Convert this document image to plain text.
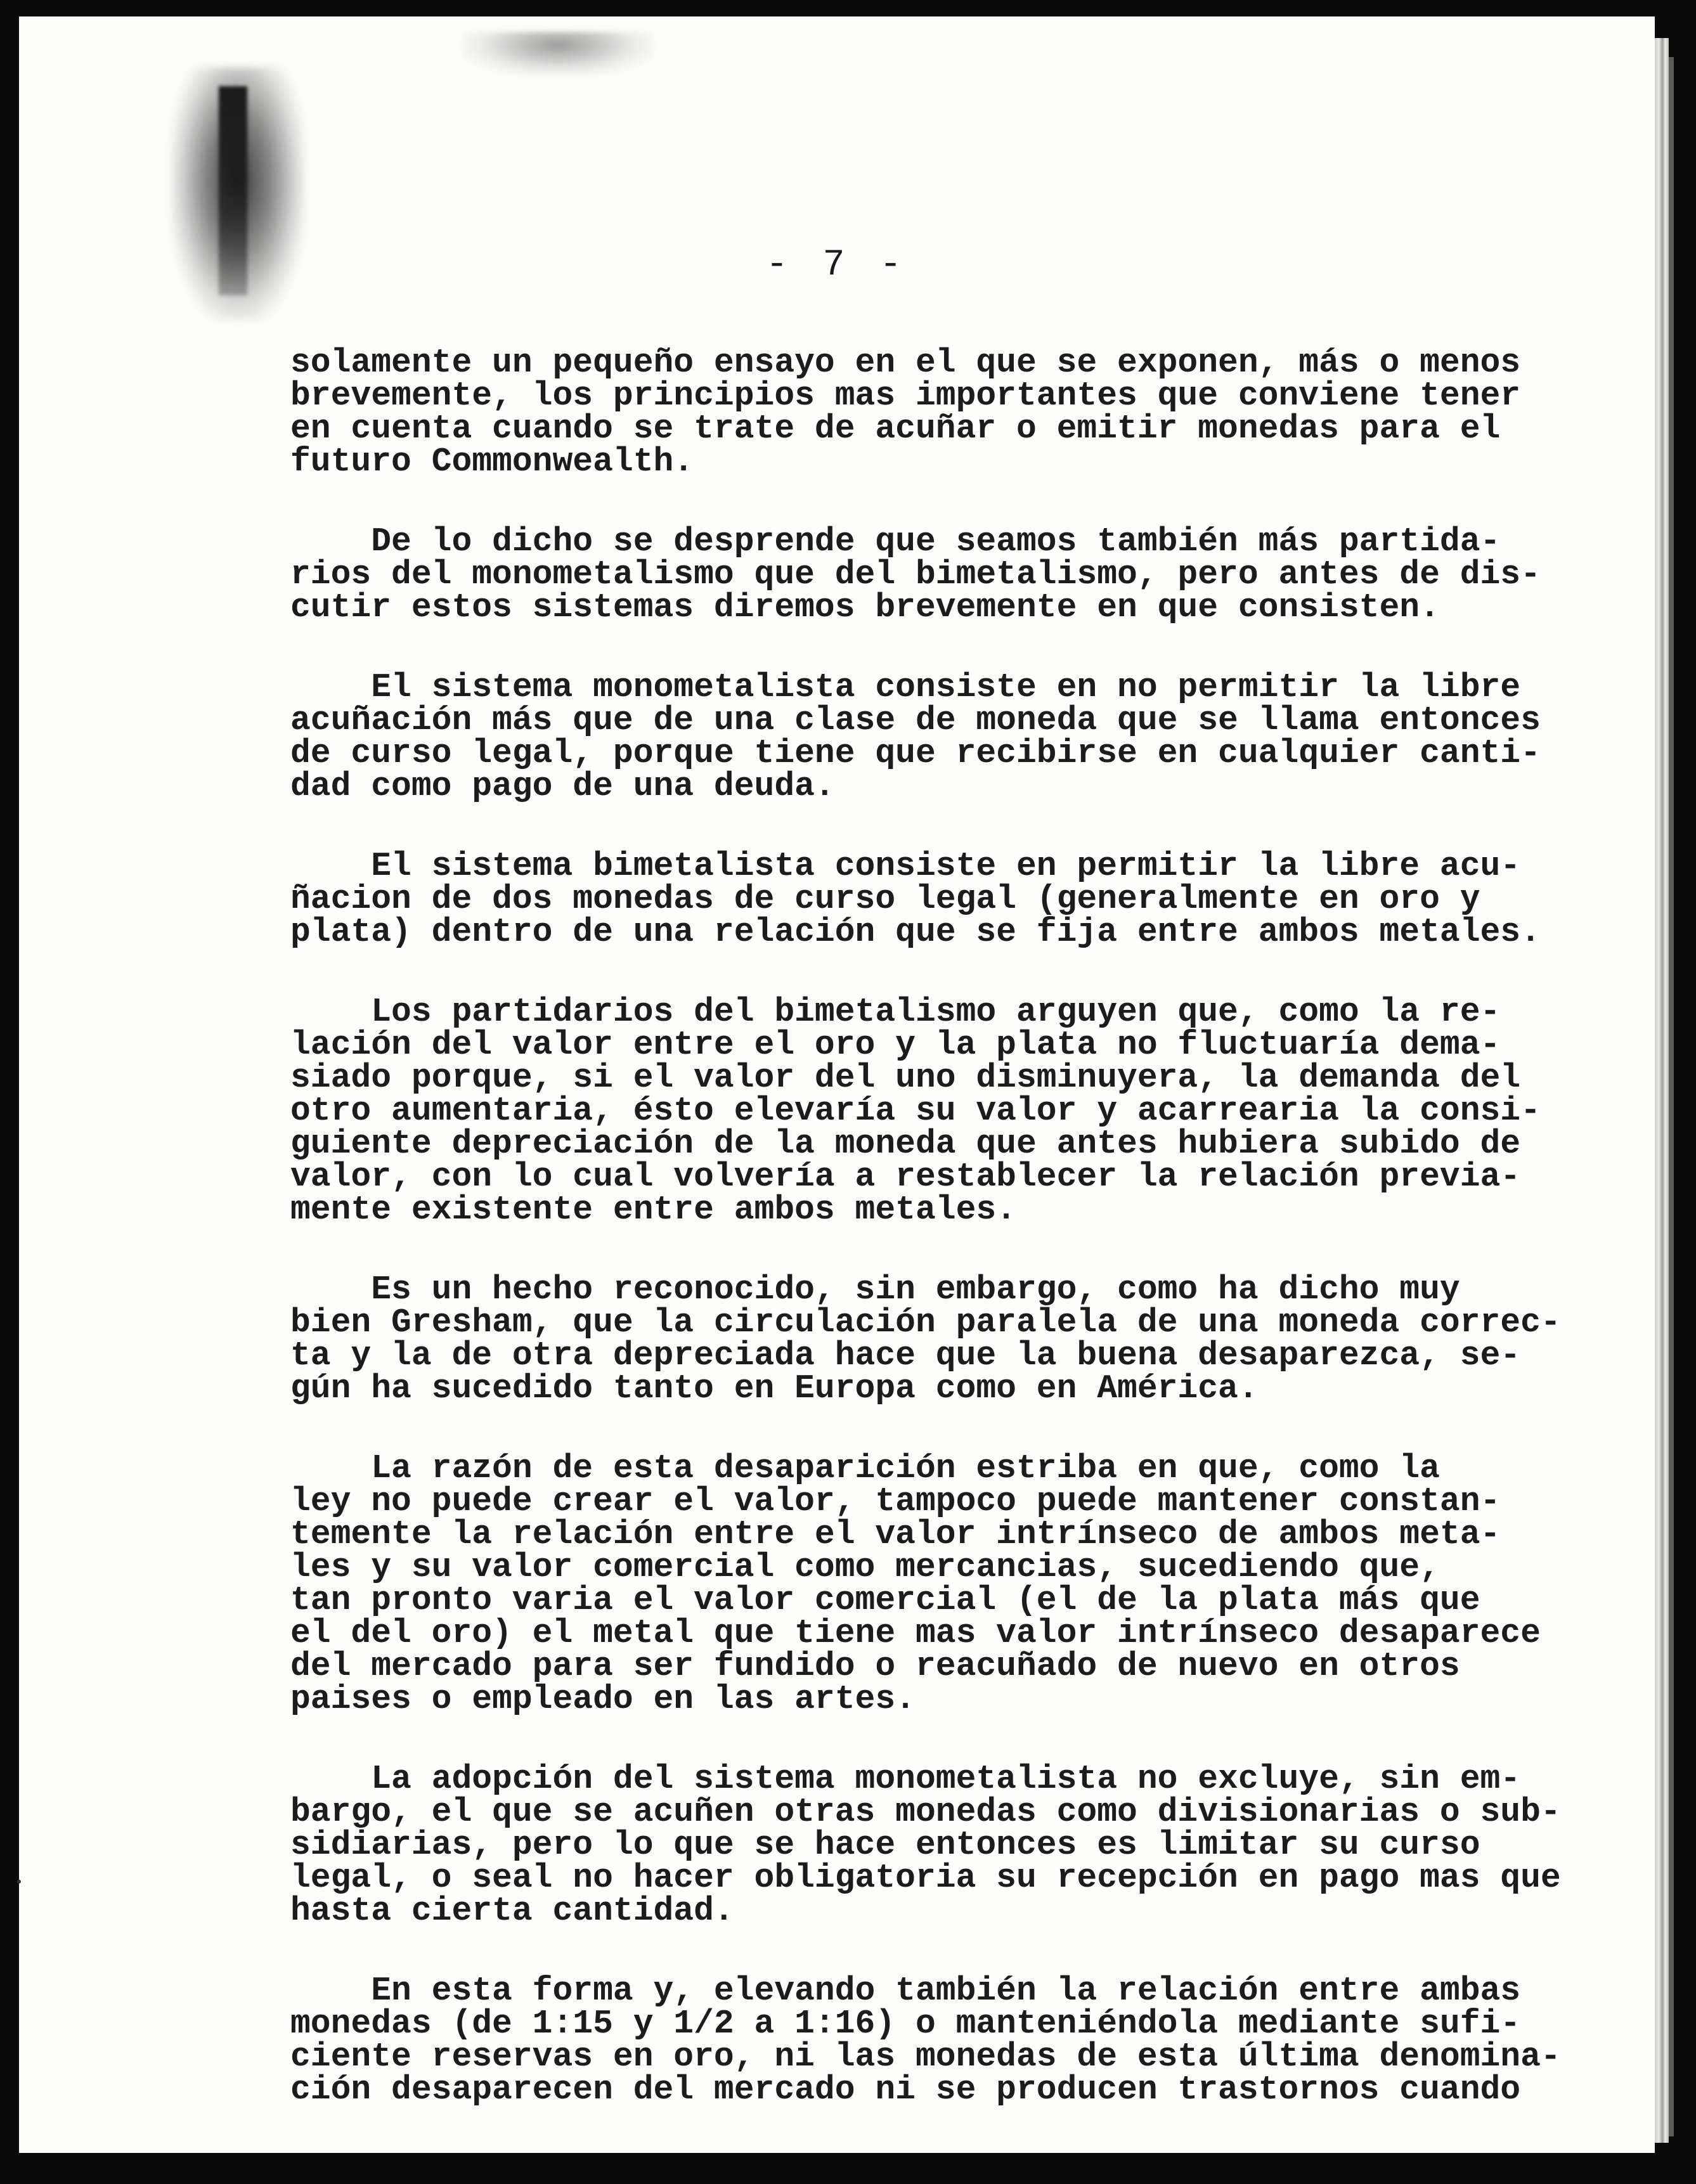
- 7 -
solamente un pequeño ensayo en el que se exponen, más o menos
brevemente, los principios mas importantes que conviene tener
en cuenta cuando se trate de acuñar o emitir monedas para el
futuro Commonwealth.
De lo dicho se desprende que seamos también más partida-
rios del monometalismo que del bimetalismo, pero antes de dis-
cutir estos sistemas diremos brevemente en que consisten.
El sistema monometalista consiste en no permitir la libre
acuñación más que de una clase de moneda que se llama entonces
de curso legal, porque tiene que recibirse en cualquier canti-
dad como pago de una deuda.
El sistema bimetalista consiste en permitir la libre acu-
ñacion de dos monedas de curso legal (generalmente en oro y
plata) dentro de una relación que se fija entre ambos metales.
Los partidarios del bimetalismo arguyen que, como la re-
lación del valor entre el oro y la plata no fluctuaría dema-
siado porque, si el valor del uno disminuyera, la demanda del
otro aumentaria, ésto elevaría su valor y acarrearia la consi-
guiente depreciación de la moneda que antes hubiera subido de
valor, con lo cual volvería a restablecer la relación previa-
mente existente entre ambos metales.
Es un hecho reconocido, sin embargo, como ha dicho muy
bien Gresham, que la circulación paralela de una moneda correc-
ta y la de otra depreciada hace que la buena desaparezca, se-
gún ha sucedido tanto en Europa como en América.
La razón de esta desaparición estriba en que, como la
ley no puede crear el valor, tampoco puede mantener constan-
temente la relación entre el valor intrínseco de ambos meta-
les y su valor comercial como mercancias, sucediendo que,
tan pronto varia el valor comercial (el de la plata más que
el del oro) el metal que tiene mas valor intrínseco desaparece
del mercado para ser fundido o reacuñado de nuevo en otros
paises o empleado en las artes.
La adopción del sistema monometalista no excluye, sin em-
bargo, el que se acuñen otras monedas como divisionarias o sub-
sidiarias, pero lo que se hace entonces es limitar su curso
legal, o seal no hacer obligatoria su recepción en pago mas que
hasta cierta cantidad.
En esta forma y, elevando también la relación entre ambas
monedas (de 1:15 y 1/2 a 1:16) o manteniéndola mediante sufi-
ciente reservas en oro, ni las monedas de esta última denomina-
ción desaparecen del mercado ni se producen trastornos cuando
